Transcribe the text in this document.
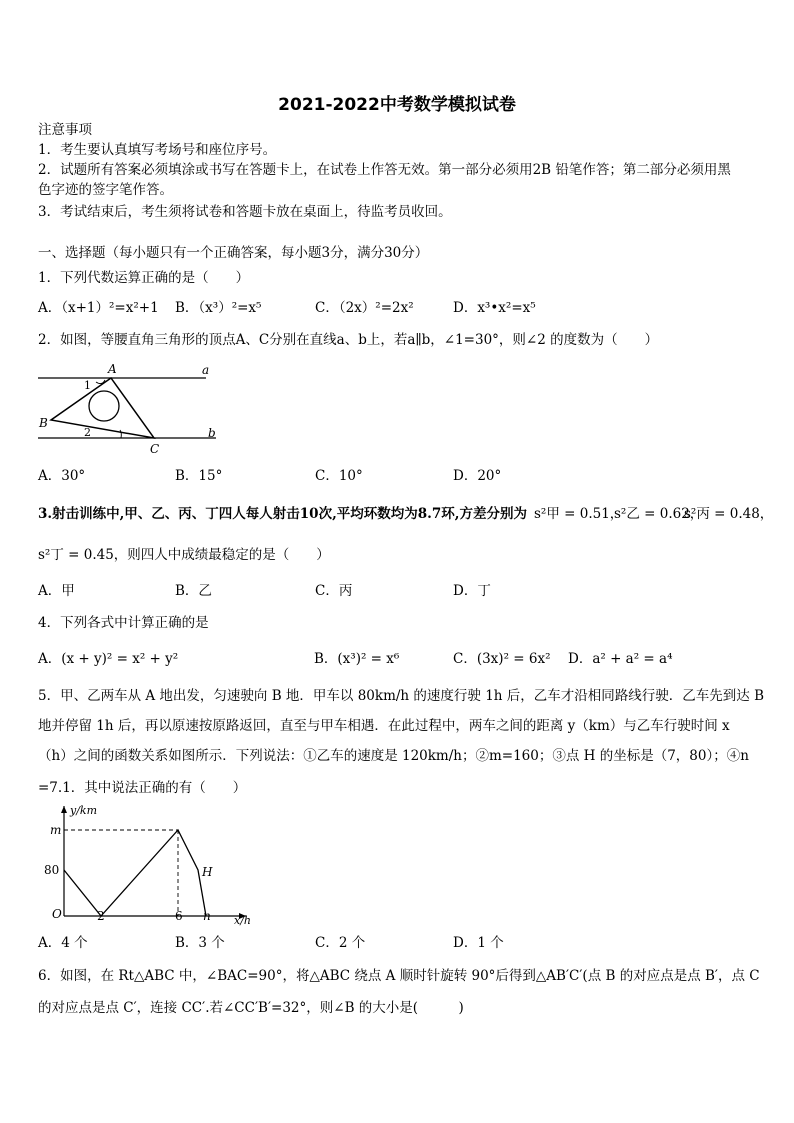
2021-2022中考数学模拟试卷
注意事项
1．考生要认真填写考场号和座位序号。
2．试题所有答案必须填涂或书写在答题卡上，在试卷上作答无效。第一部分必须用2B 铅笔作答；第二部分必须用黑
色字迹的签字笔作答。
3．考试结束后，考生须将试卷和答题卡放在桌面上，待监考员收回。
一、选择题（每小题只有一个正确答案，每小题3分，满分30分）
1．下列代数运算正确的是（　　）
A．（x+1）²=x²+1 B．（x³）²=x⁵	C．（2x）²=2x²	D．x³•x²=x⁵
2．如图，等腰直角三角形的顶点A、C分别在直线a、b上，若a∥b，∠1=30°，则∠2 的度数为（　　）
A	a
1
B
2	b
C
A．30°	B．15°	C．10°	D．20°
3.射击训练中,甲、乙、丙、丁四人每人射击10次,平均环数均为8.7环,方差分别为 s²甲 = 0.51，
s²乙 = 0.62，
s²丙 = 0.48，
s²丁 = 0.45，则四人中成绩最稳定的是（　　）
A．甲	B．乙	C．丙	D．丁
4．下列各式中计算正确的是
A．(x + y)² = x² + y²	B．(x³)² = x⁶	C．(3x)² = 6x² D．a² + a² = a⁴
5．甲、乙两车从 A 地出发，匀速驶向 B 地．甲车以 80km/h 的速度行驶 1h 后，乙车才沿相同路线行驶．乙车先到达 B
地并停留 1h 后，再以原速按原路返回，直至与甲车相遇．在此过程中，两车之间的距离 y（km）与乙车行驶时间 x
（h）之间的函数关系如图所示．下列说法：①乙车的速度是 120km/h；②m=160；③点 H 的坐标是（7，80）；④n
=7.1．其中说法正确的有（　　）
y/km
m
80
O	2	6 n
H
x/h
A．4 个	B．3 个	C．2 个	D．1 个
6．如图，在 Rt△ABC 中，∠BAC=90°，将△ABC 绕点 A 顺时针旋转 90°后得到△AB′C′(点 B 的对应点是点 B′，点 C
的对应点是点 C′，连接 CC′.若∠CC′B′=32°，则∠B 的大小是(　　　)
